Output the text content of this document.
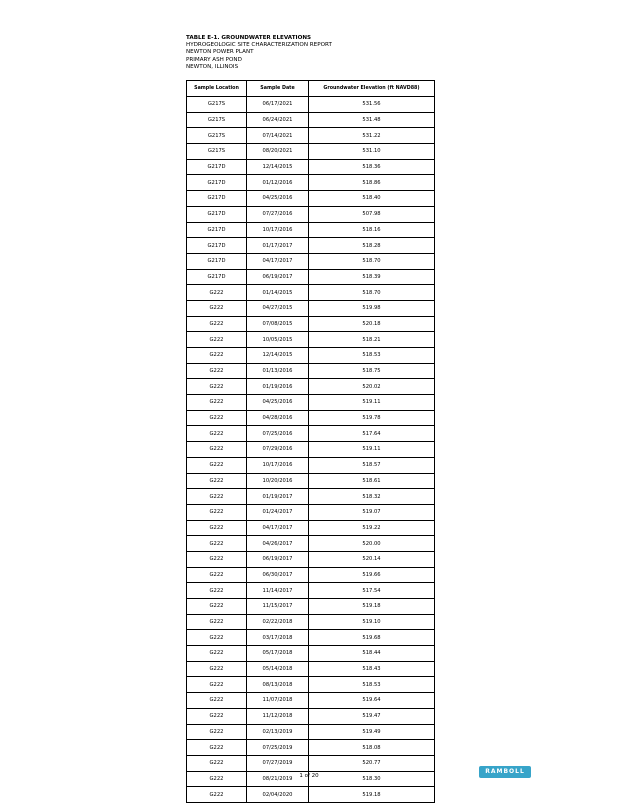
TABLE E-1. GROUNDWATER ELEVATIONS
HYDROGEOLOGIC SITE CHARACTERIZATION REPORT
NEWTON POWER PLANT
PRIMARY ASH POND
NEWTON, ILLINOIS
Sample Location	Sample Date	Groundwater Elevation (ft NAVD88)
G217S	06/17/2021	531.56
G217S	06/24/2021	531.48
G217S	07/14/2021	531.22
G217S	08/20/2021	531.10
G217D	12/14/2015	518.36
G217D	01/12/2016	518.86
G217D	04/25/2016	518.40
G217D	07/27/2016	507.98
G217D	10/17/2016	518.16
G217D	01/17/2017	518.28
G217D	04/17/2017	518.70
G217D	06/19/2017	518.39
G222	01/14/2015	518.70
G222	04/27/2015	519.98
G222	07/08/2015	520.18
G222	10/05/2015	518.21
G222	12/14/2015	518.53
G222	01/13/2016	518.75
G222	01/19/2016	520.02
G222	04/25/2016	519.11
G222	04/28/2016	519.78
G222	07/25/2016	517.64
G222	07/29/2016	519.11
G222	10/17/2016	518.57
G222	10/20/2016	518.61
G222	01/19/2017	518.32
G222	01/24/2017	519.07
G222	04/17/2017	519.22
G222	04/26/2017	520.00
G222	06/19/2017	520.14
G222	06/30/2017	519.66
G222	11/14/2017	517.54
G222	11/15/2017	519.18
G222	02/22/2018	519.10
G222	03/17/2018	519.68
G222	05/17/2018	518.44
G222	05/14/2018	518.43
G222	08/13/2018	518.53
G222	11/07/2018	519.64
G222	11/12/2018	519.47
G222	02/13/2019	519.49
G222	07/25/2019	518.08
G222	07/27/2019	520.77
G222	08/21/2019	518.30
G222	02/04/2020	519.18
1 of 20
RAMBOLL
